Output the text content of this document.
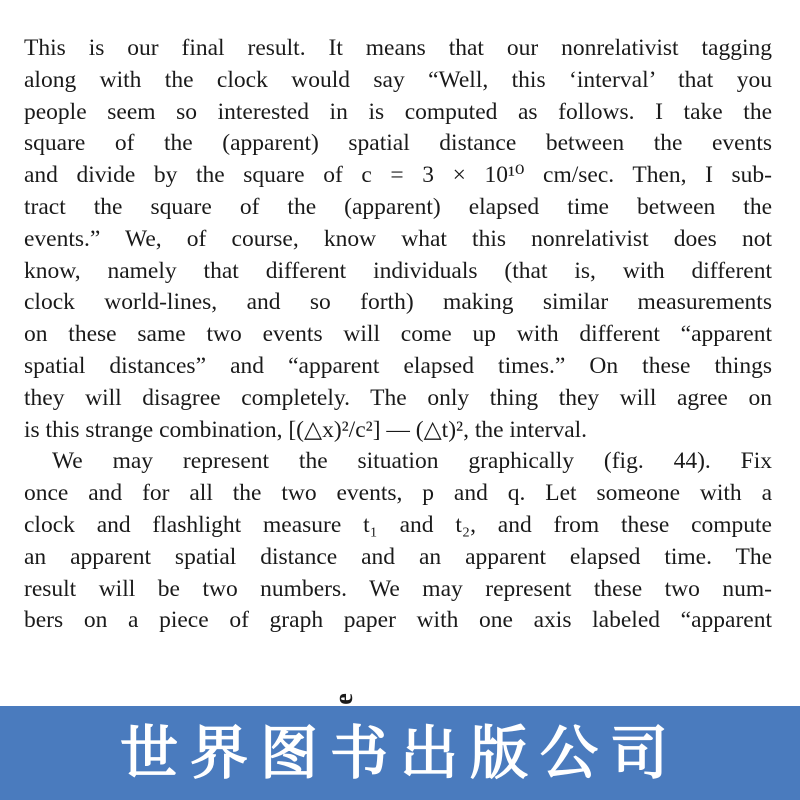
This is our final result. It means that our nonrelativist tagging
along with the clock would say “Well, this ‘interval’ that you
people seem so interested in is computed as follows. I take the
square of the (apparent) spatial distance between the events
and divide by the square of c = 3 × 10¹⁰ cm/sec. Then, I sub-
tract the square of the (apparent) elapsed time between the
events.” We, of course, know what this nonrelativist does not
know, namely that different individuals (that is, with different
clock world-lines, and so forth) making similar measurements
on these same two events will come up with different “apparent
spatial distances” and “apparent elapsed times.” On these things
they will disagree completely. The only thing they will agree on
is this strange combination, [(△x)²/c²] — (△t)², the interval.
We may represent the situation graphically (fig. 44). Fix
once and for all the two events, p and q. Let someone with a
clock and flashlight measure t₁ and t₂, and from these compute
an apparent spatial distance and an apparent elapsed time. The
result will be two numbers. We may represent these two num-
bers on a piece of graph paper with one axis labeled “apparent
e
世界图书出版公司
